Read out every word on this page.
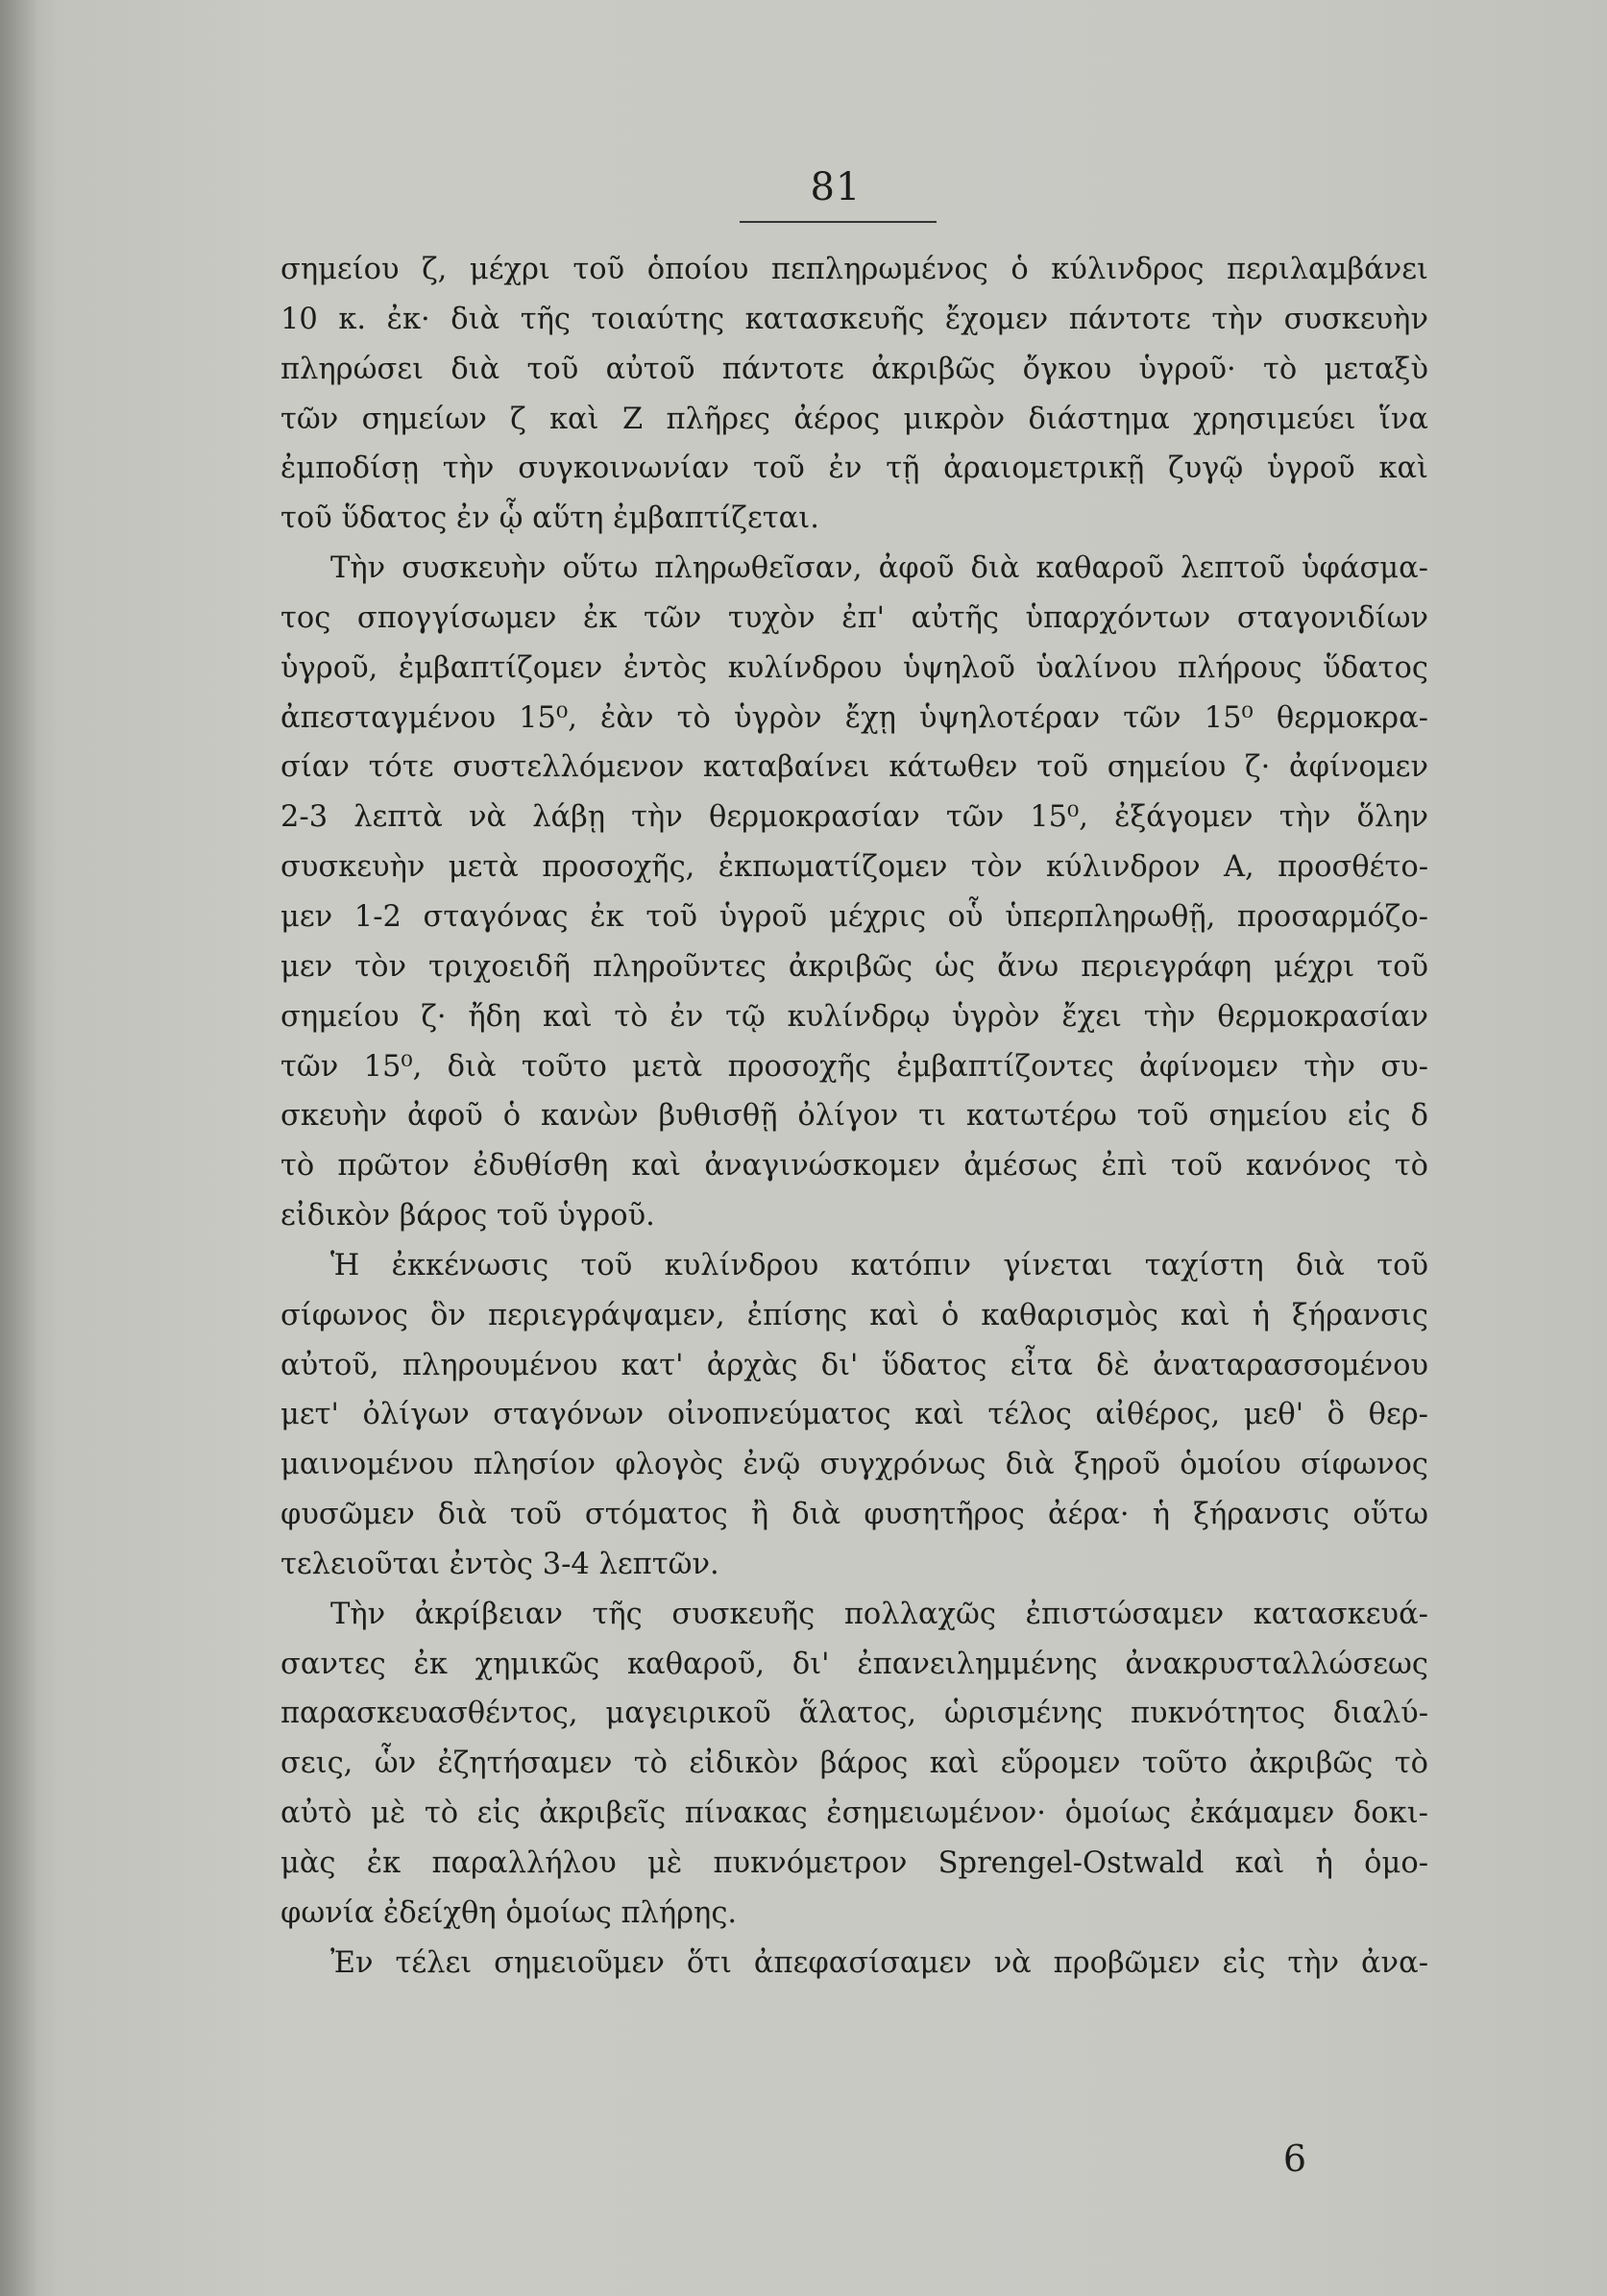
81
σημείου ζ, μέχρι τοῦ ὁποίου πεπληρωμένος ὁ κύλινδρος περιλαμβάνει
10 κ. ἐκ· διὰ τῆς τοιαύτης κατασκευῆς ἔχομεν πάντοτε τὴν συσκευὴν
πληρώσει διὰ τοῦ αὐτοῦ πάντοτε ἀκριβῶς ὄγκου ὑγροῦ· τὸ μεταξὺ
τῶν σημείων ζ καὶ Ζ πλῆρες ἀέρος μικρὸν διάστημα χρησιμεύει ἵνα
ἐμποδίσῃ τὴν συγκοινωνίαν τοῦ ἐν τῇ ἀραιομετρικῇ ζυγῷ ὑγροῦ καὶ
τοῦ ὕδατος ἐν ᾧ αὕτη ἐμβαπτίζεται.
Τὴν συσκευὴν οὕτω πληρωθεῖσαν, ἀφοῦ διὰ καθαροῦ λεπτοῦ ὑφάσμα-
τος σπογγίσωμεν ἐκ τῶν τυχὸν ἐπ' αὐτῆς ὑπαρχόντων σταγονιδίων
ὑγροῦ, ἐμβαπτίζομεν ἐντὸς κυλίνδρου ὑψηλοῦ ὑαλίνου πλήρους ὕδατος
ἀπεσταγμένου 15⁰, ἐὰν τὸ ὑγρὸν ἔχῃ ὑψηλοτέραν τῶν 15⁰ θερμοκρα-
σίαν τότε συστελλόμενον καταβαίνει κάτωθεν τοῦ σημείου ζ· ἀφίνομεν
2-3 λεπτὰ νὰ λάβῃ τὴν θερμοκρασίαν τῶν 15⁰, ἐξάγομεν τὴν ὅλην
συσκευὴν μετὰ προσοχῆς, ἐκπωματίζομεν τὸν κύλινδρον Α, προσθέτο-
μεν 1-2 σταγόνας ἐκ τοῦ ὑγροῦ μέχρις οὗ ὑπερπληρωθῇ, προσαρμόζο-
μεν τὸν τριχοειδῆ πληροῦντες ἀκριβῶς ὡς ἄνω περιεγράφη μέχρι τοῦ
σημείου ζ· ἤδη καὶ τὸ ἐν τῷ κυλίνδρῳ ὑγρὸν ἔχει τὴν θερμοκρασίαν
τῶν 15⁰, διὰ τοῦτο μετὰ προσοχῆς ἐμβαπτίζοντες ἀφίνομεν τὴν συ-
σκευὴν ἀφοῦ ὁ κανὼν βυθισθῇ ὀλίγον τι κατωτέρω τοῦ σημείου εἰς δ
τὸ πρῶτον ἐδυθίσθη καὶ ἀναγινώσκομεν ἀμέσως ἐπὶ τοῦ κανόνος τὸ
εἰδικὸν βάρος τοῦ ὑγροῦ.
Ἡ ἐκκένωσις τοῦ κυλίνδρου κατόπιν γίνεται ταχίστη διὰ τοῦ
σίφωνος ὃν περιεγράψαμεν, ἐπίσης καὶ ὁ καθαρισμὸς καὶ ἡ ξήρανσις
αὐτοῦ, πληρουμένου κατ' ἀρχὰς δι' ὕδατος εἶτα δὲ ἀναταρασσομένου
μετ' ὀλίγων σταγόνων οἰνοπνεύματος καὶ τέλος αἰθέρος, μεθ' ὃ θερ-
μαινομένου πλησίον φλογὸς ἐνῷ συγχρόνως διὰ ξηροῦ ὁμοίου σίφωνος
φυσῶμεν διὰ τοῦ στόματος ἢ διὰ φυσητῆρος ἀέρα· ἡ ξήρανσις οὕτω
τελειοῦται ἐντὸς 3-4 λεπτῶν.
Τὴν ἀκρίβειαν τῆς συσκευῆς πολλαχῶς ἐπιστώσαμεν κατασκευά-
σαντες ἐκ χημικῶς καθαροῦ, δι' ἐπανειλημμένης ἀνακρυσταλλώσεως
παρασκευασθέντος, μαγειρικοῦ ἅλατος, ὡρισμένης πυκνότητος διαλύ-
σεις, ὧν ἐζητήσαμεν τὸ εἰδικὸν βάρος καὶ εὕρομεν τοῦτο ἀκριβῶς τὸ
αὐτὸ μὲ τὸ εἰς ἀκριβεῖς πίνακας ἐσημειωμένον· ὁμοίως ἐκάμαμεν δοκι-
μὰς ἐκ παραλλήλου μὲ πυκνόμετρον Sprengel-Ostwald καὶ ἡ ὁμο-
φωνία ἐδείχθη ὁμοίως πλήρης.
Ἐν τέλει σημειοῦμεν ὅτι ἀπεφασίσαμεν νὰ προβῶμεν εἰς τὴν ἀνα-
6
